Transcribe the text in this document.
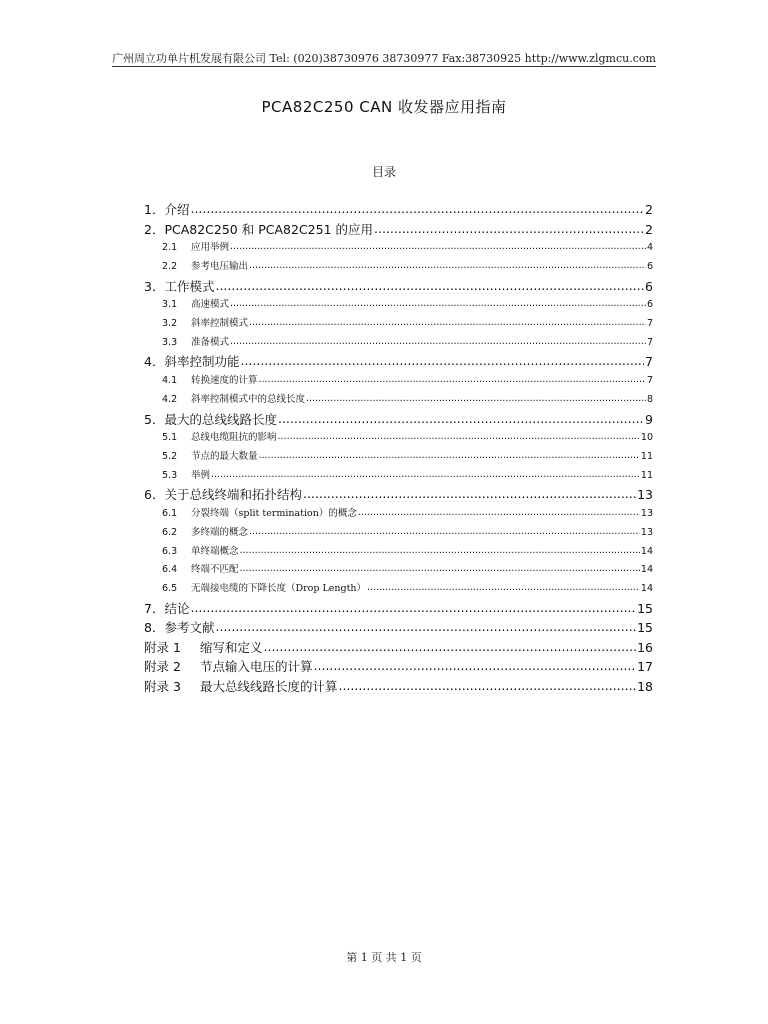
广州周立功单片机发展有限公司 Tel: (020)38730976 38730977 Fax:38730925 http://www.zlgmcu.com
PCA82C250 CAN 收发器应用指南
目录
1． 介绍 .....	2
2． PCA82C250 和 PCA82C251 的应用 .....	2
2.1	应用举例 .....	4
2.2	参考电压输出 .....	6
3． 工作模式 .....	6
3.1	高速模式 .....	6
3.2	斜率控制模式 .....	7
3.3	准备模式 .....	7
4． 斜率控制功能 .....	7
4.1	转换速度的计算 .....	7
4.2	斜率控制模式中的总线长度 .....	8
5． 最大的总线线路长度 .....	9
5.1	总线电缆阻抗的影响 .....	10
5.2	节点的最大数量 .....	11
5.3	举例 .....	11
6． 关于总线终端和拓扑结构 .....	13
6.1	分裂终端（split termination）的概念 .....	13
6.2	多终端的概念 .....	13
6.3	单终端概念 .....	14
6.4	终端不匹配 .....	14
6.5	无端接电缆的下降长度（Drop Length） .....	14
7． 结论 .....	15
8． 参考文献 .....	15
附录 1	缩写和定义 .....	16
附录 2	节点输入电压的计算 .....	17
附录 3	最大总线线路长度的计算 .....	18
第 1 页 共 1 页
